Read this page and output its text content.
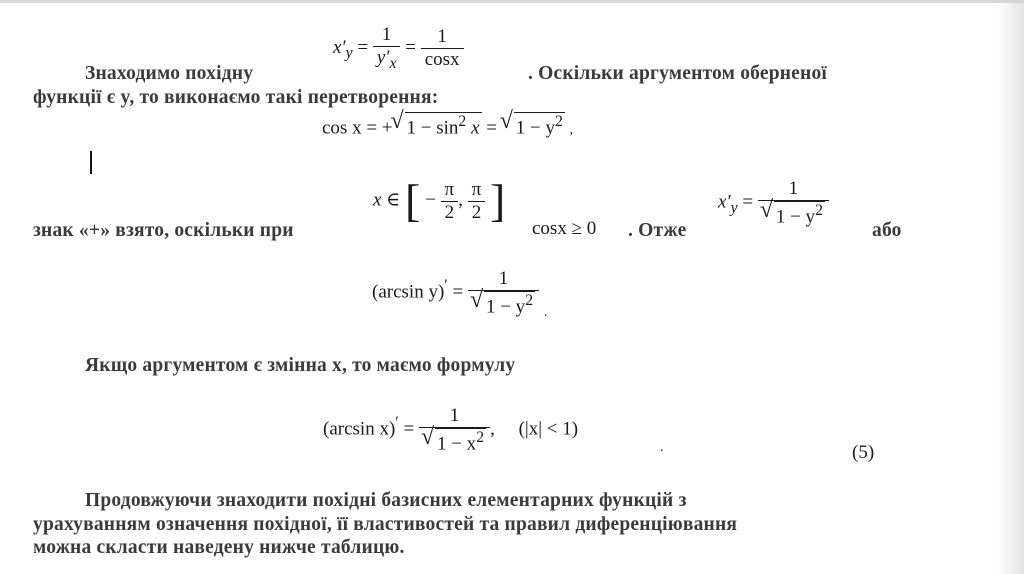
$x'_y = \frac{1}{y'_x} = \frac{1}{\cos x}$
Знаходимо похідну	. Оскільки аргументом оберненої
функції є y, то виконаємо такі перетворення:
cos x = +√ $1 - \sin^2 x$ = √ $1 - y^2$ ,
x ∈ [ − $\frac{\pi}{2}$ , $\frac{\pi}{2}$ ]
знак «+» взято, оскільки при	cosx ≥ 0 . Отже
$x'_y = 1$
√ $1 - y^2$
або
(arcsin y)′ = 1
√ $1 - y^2$ $_.$
Якщо аргументом є змінна x, то маємо формулу
(arcsin x)′ = 1
√ $1 - x^2$ , (|x| < 1)
.	(5)
Продовжуючи знаходити похідні базисних елементарних функцій з
урахуванням означення похідної, її властивостей та правил диференціювання
можна скласти наведену нижче таблицю.
